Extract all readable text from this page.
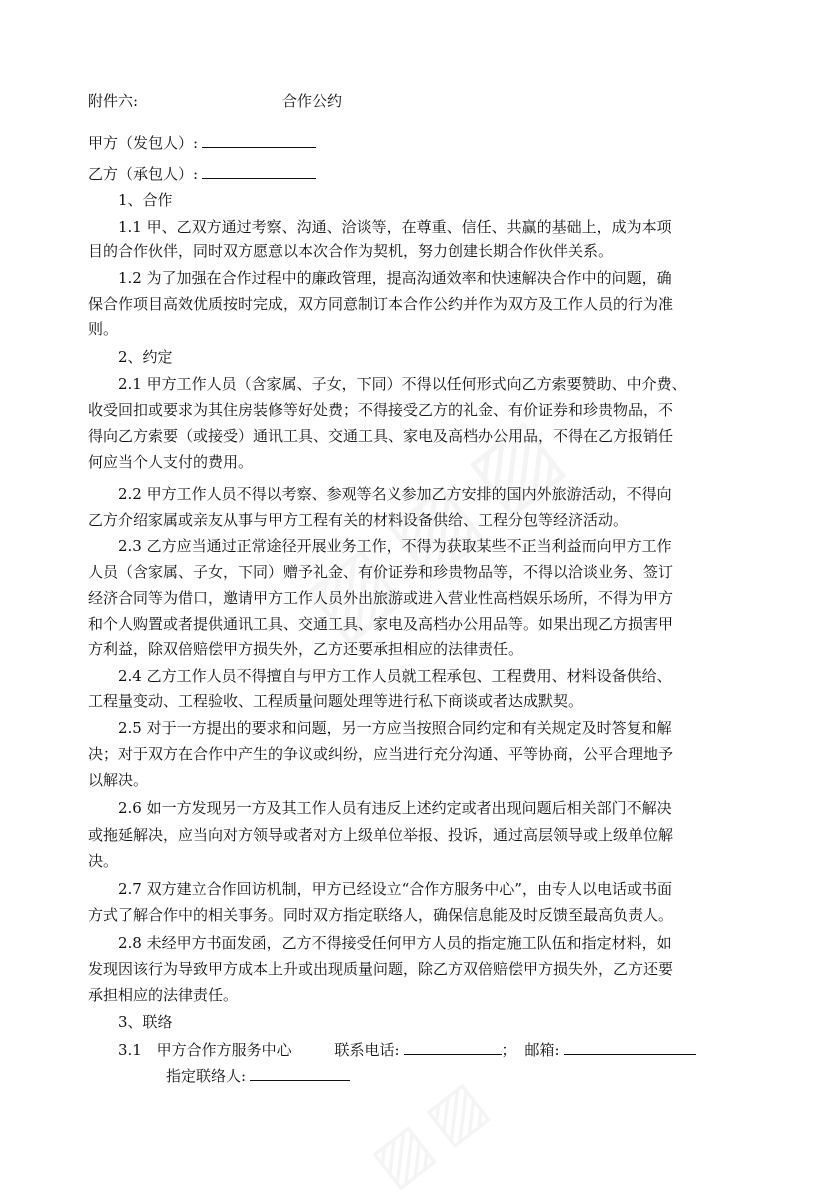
附件六:	合作公约
甲方（发包人）:
乙方（承包人）:
1、合作
1.1 甲、乙双方通过考察、沟通、洽谈等，在尊重、信任、共赢的基础上，成为本项
目的合作伙伴，同时双方愿意以本次合作为契机，努力创建长期合作伙伴关系。
1.2 为了加强在合作过程中的廉政管理，提高沟通效率和快速解决合作中的问题，确
保合作项目高效优质按时完成，双方同意制订本合作公约并作为双方及工作人员的行为准
则。
2、约定
2.1 甲方工作人员（含家属、子女，下同）不得以任何形式向乙方索要赞助、中介费、
收受回扣或要求为其住房装修等好处费；不得接受乙方的礼金、有价证券和珍贵物品，不
得向乙方索要（或接受）通讯工具、交通工具、家电及高档办公用品，不得在乙方报销任
何应当个人支付的费用。
2.2 甲方工作人员不得以考察、参观等名义参加乙方安排的国内外旅游活动，不得向
乙方介绍家属或亲友从事与甲方工程有关的材料设备供给、工程分包等经济活动。
2.3 乙方应当通过正常途径开展业务工作，不得为获取某些不正当利益而向甲方工作
人员（含家属、子女，下同）赠予礼金、有价证券和珍贵物品等，不得以洽谈业务、签订
经济合同等为借口，邀请甲方工作人员外出旅游或进入营业性高档娱乐场所，不得为甲方
和个人购置或者提供通讯工具、交通工具、家电及高档办公用品等。如果出现乙方损害甲
方利益，除双倍赔偿甲方损失外，乙方还要承担相应的法律责任。
2.4 乙方工作人员不得擅自与甲方工作人员就工程承包、工程费用、材料设备供给、
工程量变动、工程验收、工程质量问题处理等进行私下商谈或者达成默契。
2.5 对于一方提出的要求和问题，另一方应当按照合同约定和有关规定及时答复和解
决；对于双方在合作中产生的争议或纠纷，应当进行充分沟通、平等协商，公平合理地予
以解决。
2.6 如一方发现另一方及其工作人员有违反上述约定或者出现问题后相关部门不解决
或拖延解决，应当向对方领导或者对方上级单位举报、投诉，通过高层领导或上级单位解
决。
2.7 双方建立合作回访机制，甲方已经设立“合作方服务中心”，由专人以电话或书面
方式了解合作中的相关事务。同时双方指定联络人，确保信息能及时反馈至最高负责人。
2.8 未经甲方书面发函，乙方不得接受任何甲方人员的指定施工队伍和指定材料，如
发现因该行为导致甲方成本上升或出现质量问题，除乙方双倍赔偿甲方损失外，乙方还要
承担相应的法律责任。
3、联络
3.1 甲方合作方服务中心	联系电话:	； 邮箱:
指定联络人:
